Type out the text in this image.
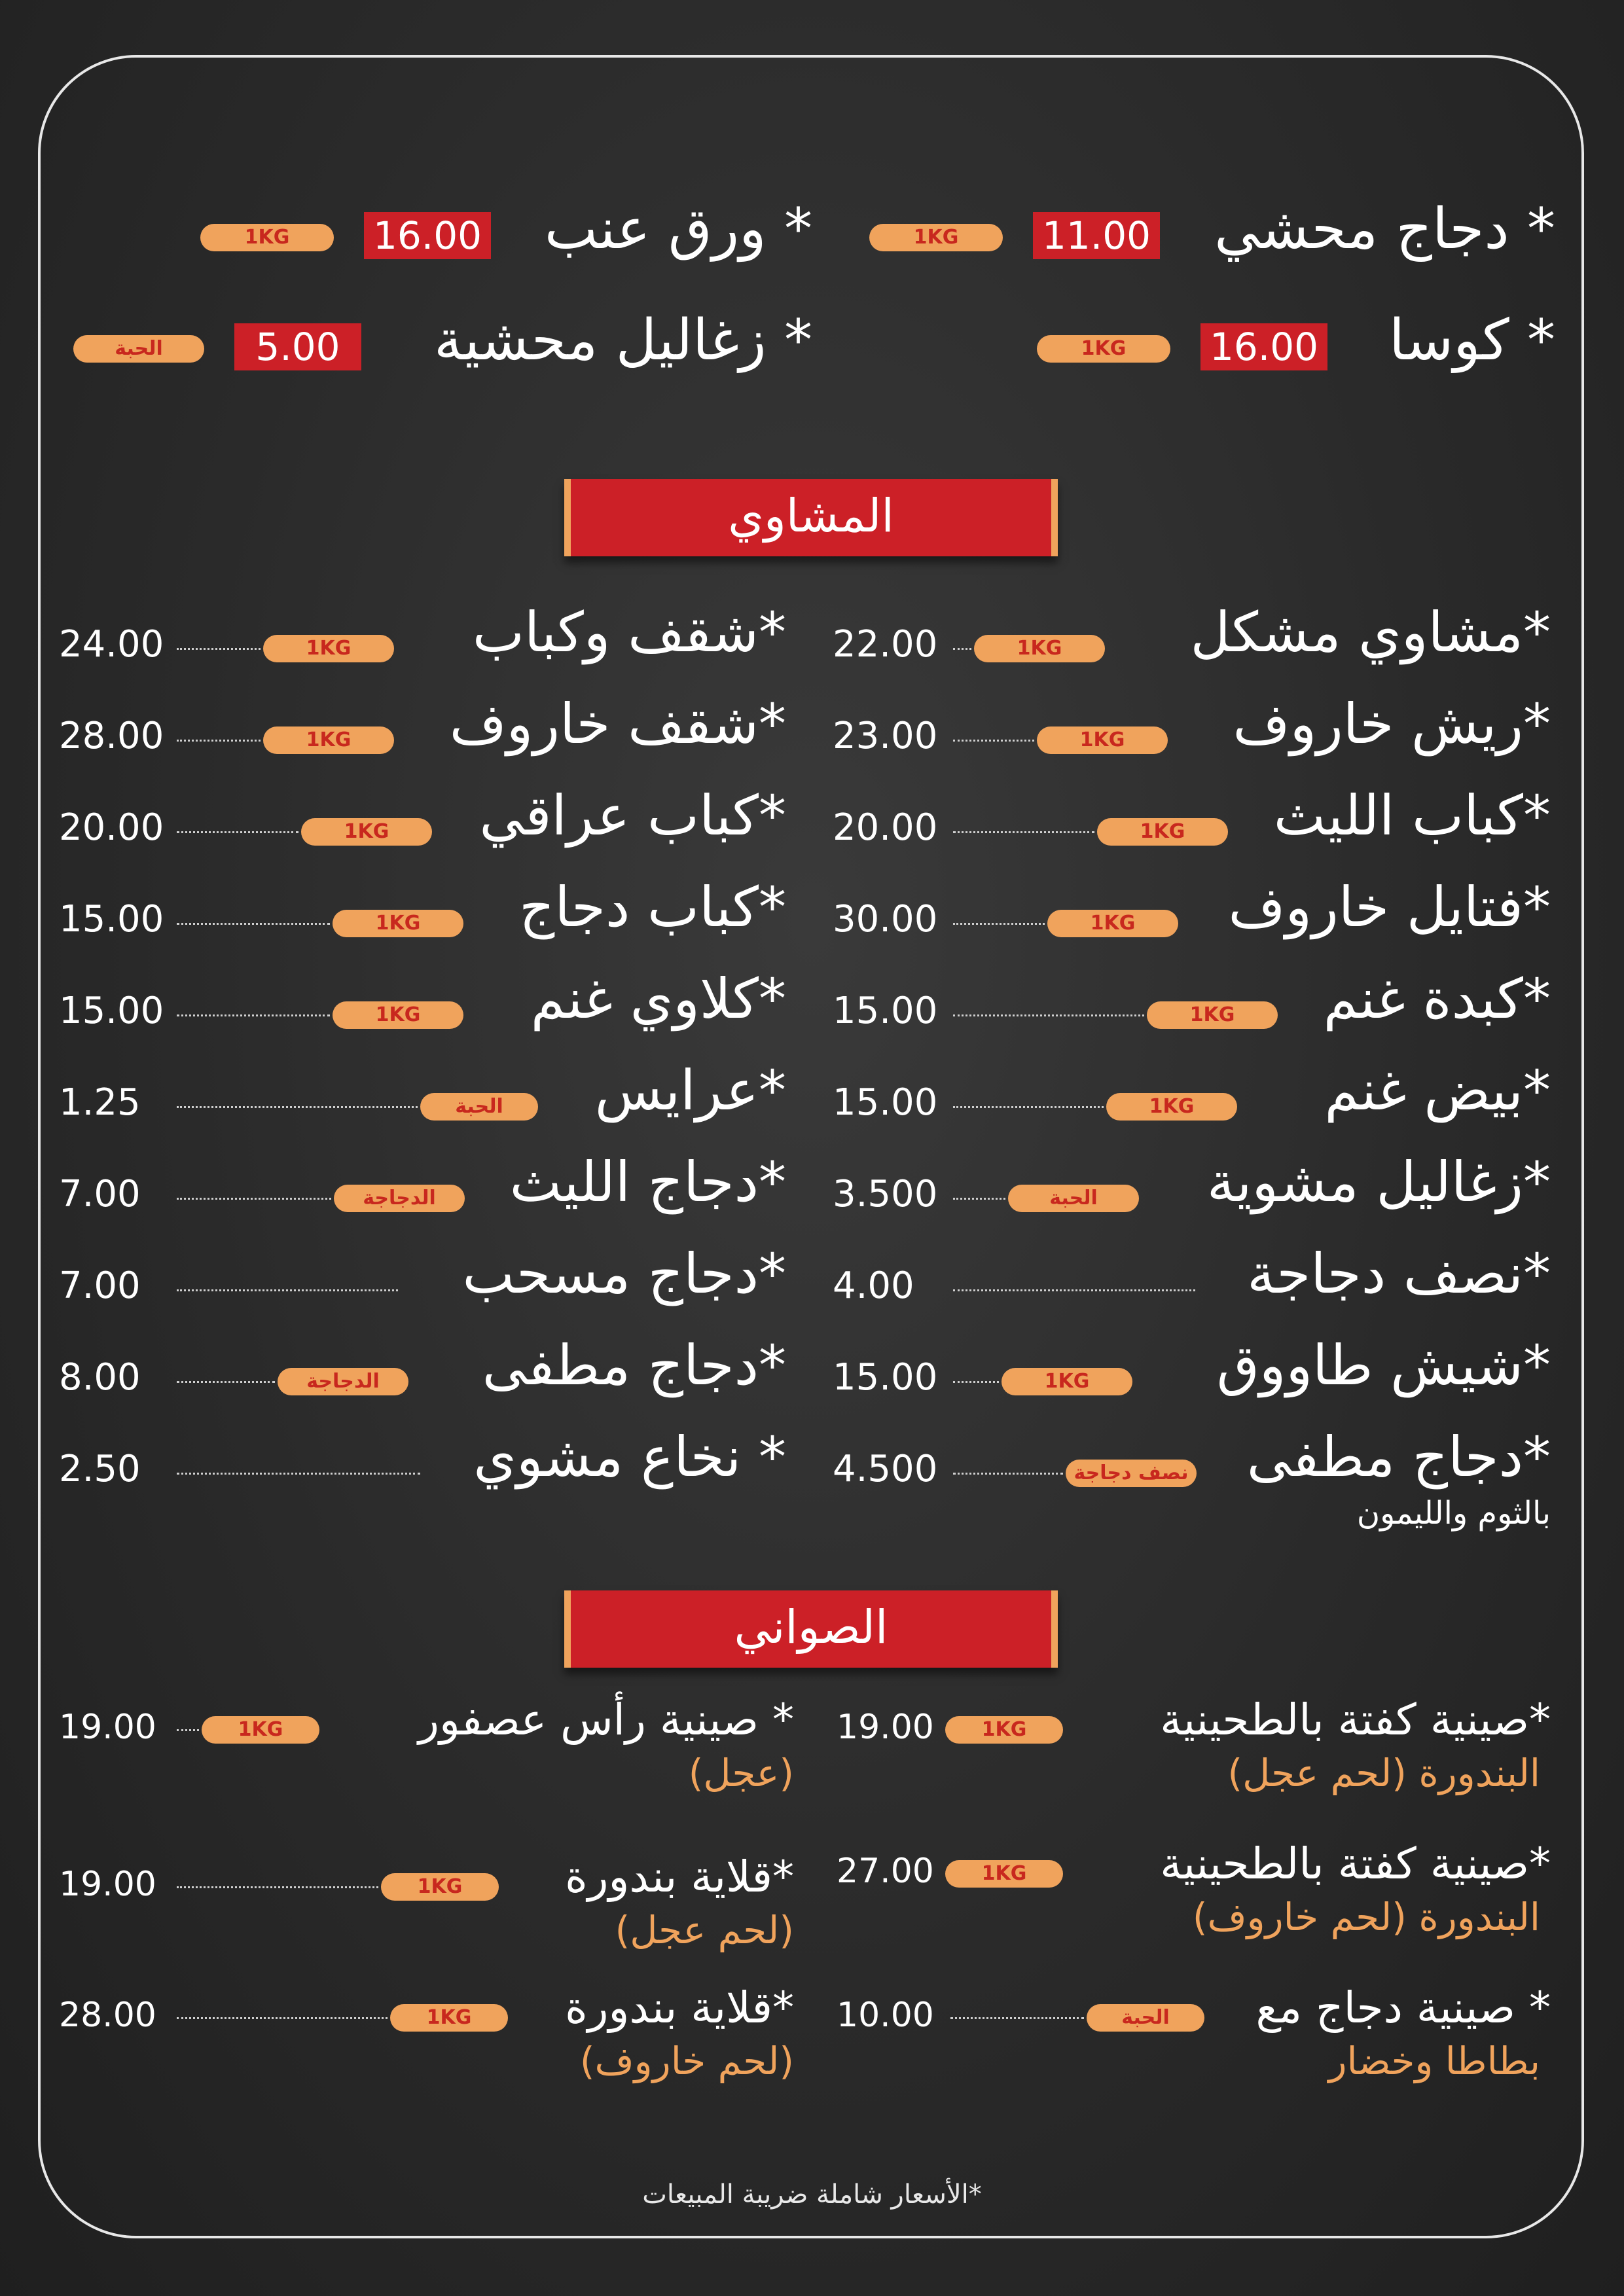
* دجاج محشي
11.00
1KG
* ورق عنب
16.00
1KG
* كوسا
16.00
1KG
* زغاليل محشية
5.00
الحبة
المشاوي
*مشاوي مشكل
22.00	1KG
*ريش خاروف
23.00	1KG
*كباب الليث
20.00	1KG
*فتايل خاروف
30.00	1KG
*كبدة غنم
15.00	1KG
*بيض غنم
15.00	1KG
*زغاليل مشوية
3.500	الحبة
*نصف دجاجة
4.00
*شيش طاووق
15.00	1KG
*دجاج مطفى
4.500	نصف دجاجة
*شقف وكباب
24.00	1KG
*شقف خاروف
28.00	1KG
*كباب عراقي
20.00	1KG
*كباب دجاج
15.00	1KG
*كلاوي غنم
15.00	1KG
*عرايس
1.25	الحبة
*دجاج الليث
7.00	الدجاجة
*دجاج مسحب
7.00
*دجاج مطفى
8.00	الدجاجة
* نخاع مشوي
2.50
بالثوم والليمون
الصواني
*صينية كفتة بالطحينية
البندورة (لحم عجل)
19.00	1KG
*صينية كفتة بالطحينية
البندورة (لحم خاروف)
27.00	1KG
* صينية دجاج مع
بطاطا وخضار
10.00	الحبة
* صينية رأس عصفور
(عجل)
19.00	1KG
*قلاية بندورة
(لحم عجل)
19.00	1KG
*قلاية بندورة
(لحم خاروف)
28.00	1KG
*الأسعار شاملة ضريبة المبيعات
